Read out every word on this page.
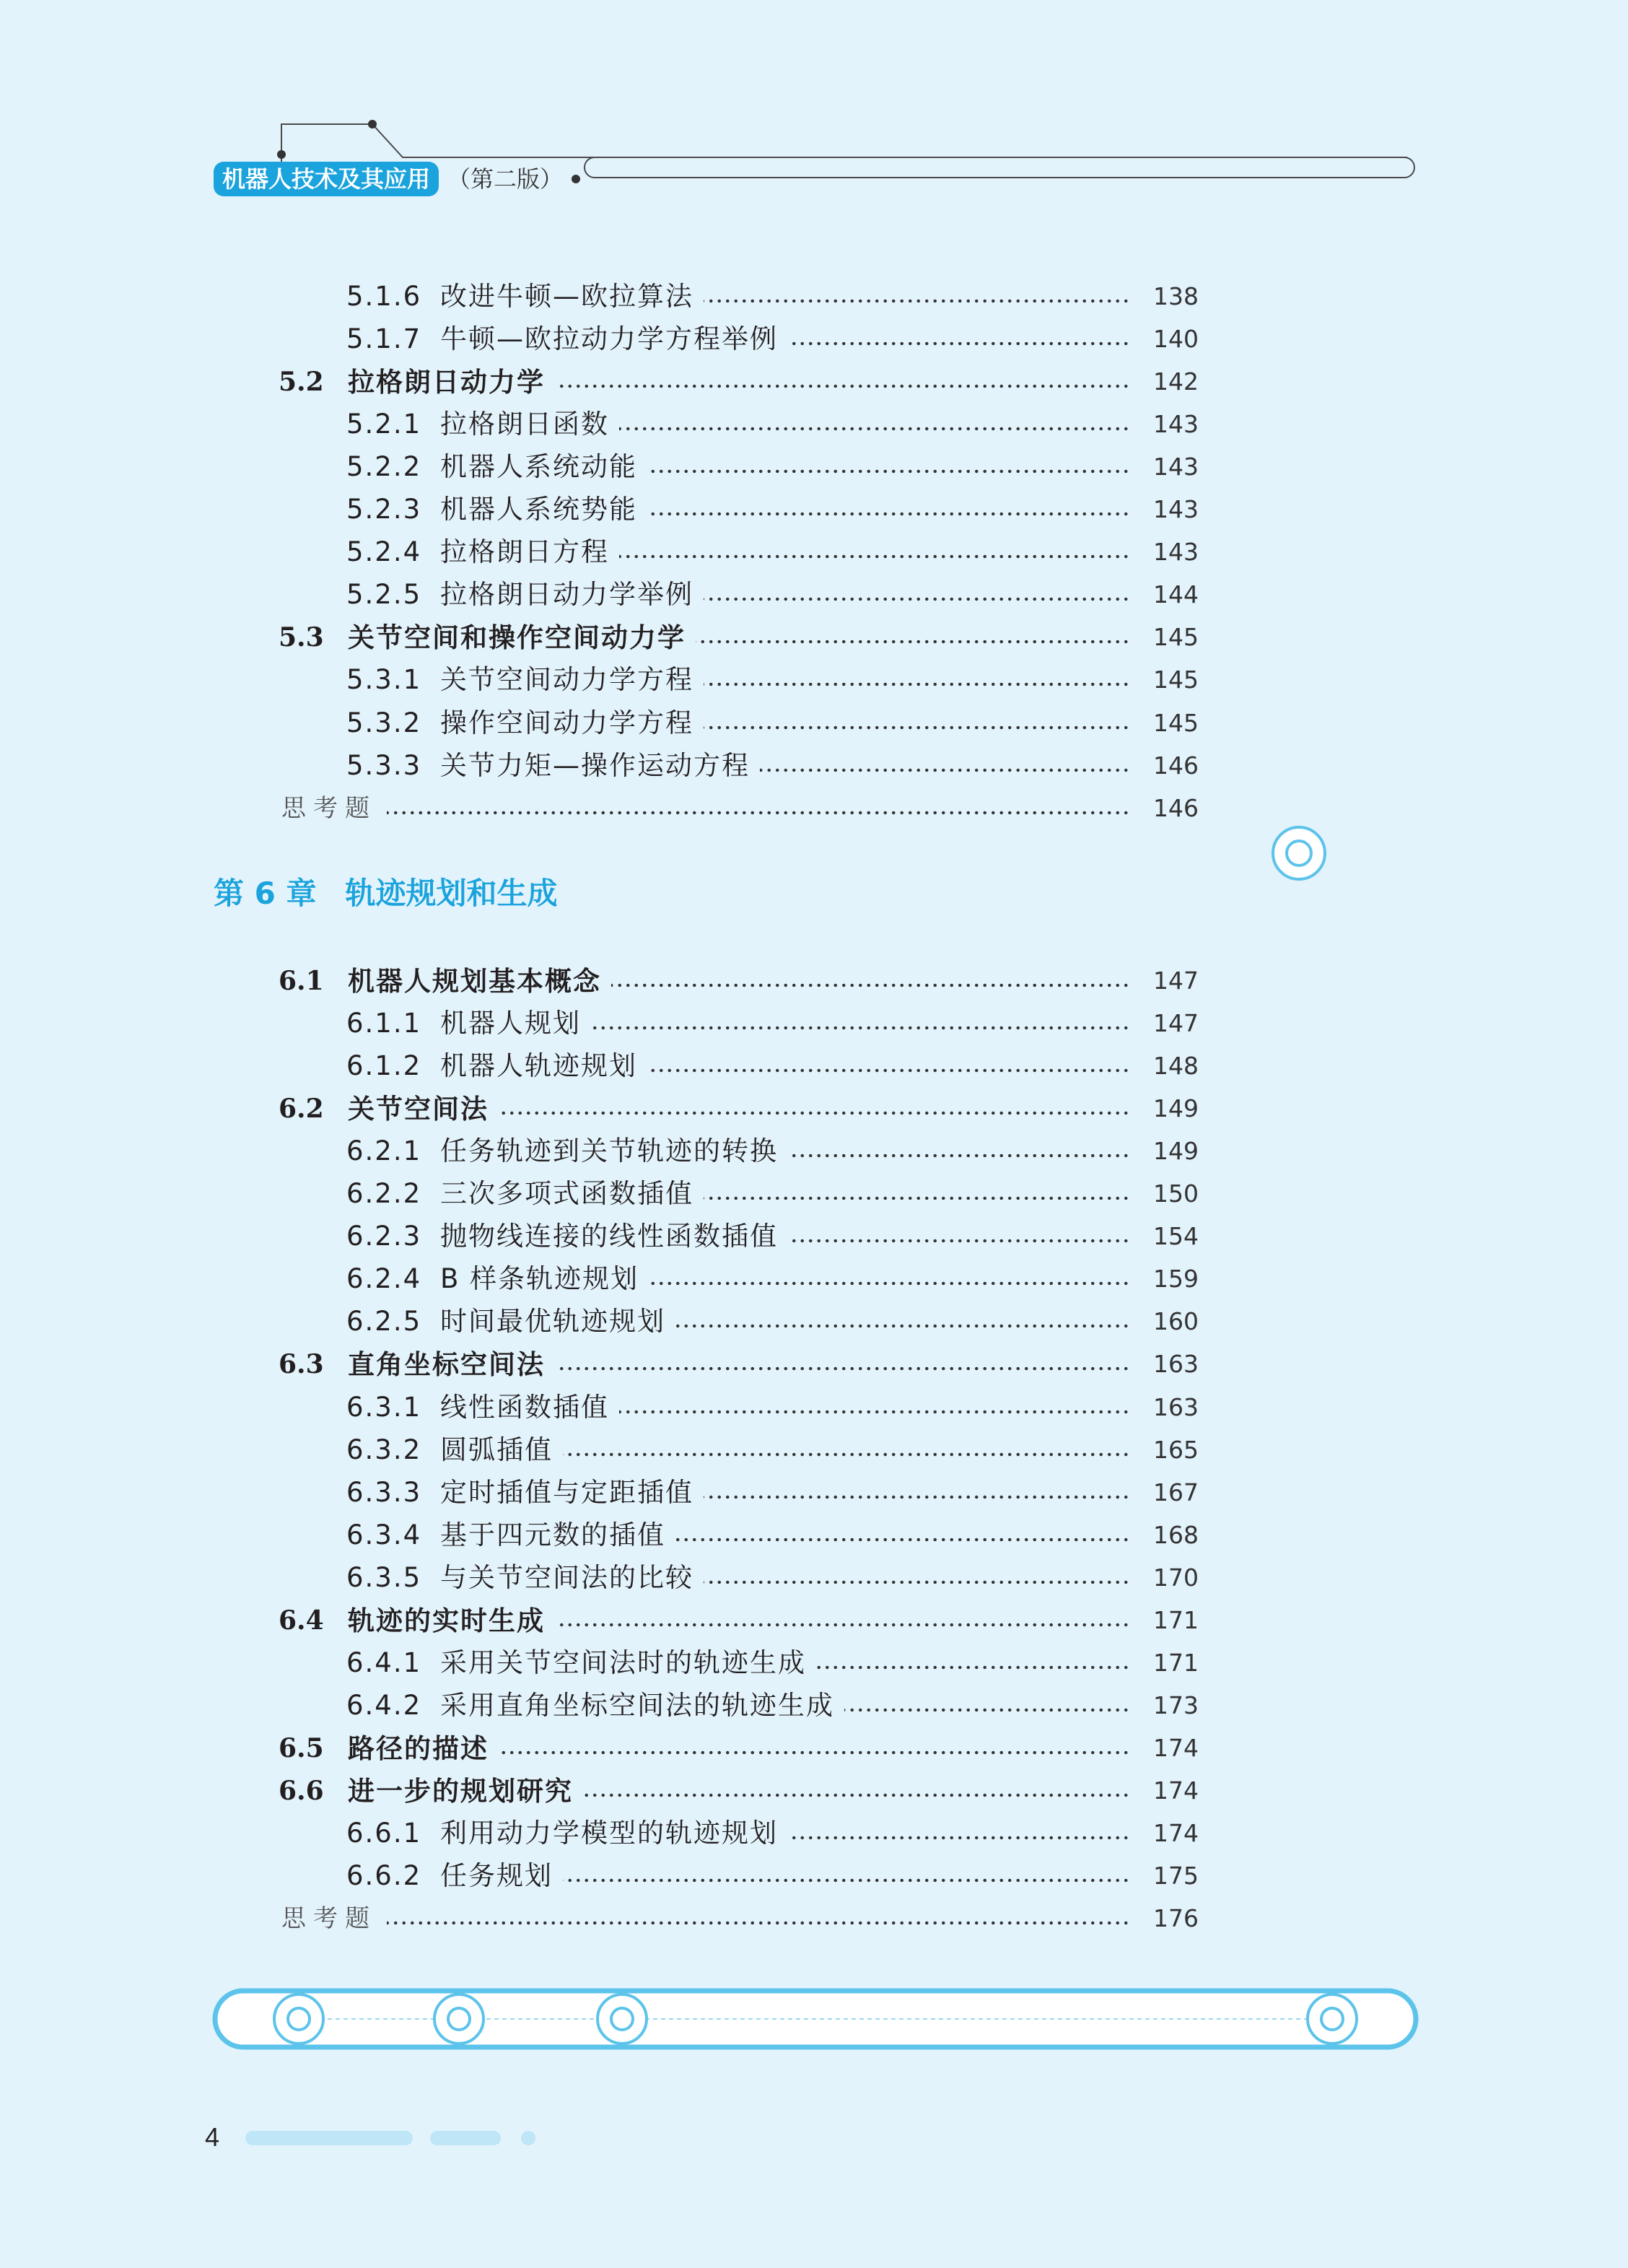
机器人技术及其应用 （第二版）
5.1.6 改进牛顿—欧拉算法	138
5.1.7 牛顿—欧拉动力学方程举例	140
5.2 拉格朗日动力学	142
5.2.1 拉格朗日函数	143
5.2.2 机器人系统动能	143
5.2.3 机器人系统势能	143
5.2.4 拉格朗日方程	143
5.2.5 拉格朗日动力学举例	144
5.3 关节空间和操作空间动力学	145
5.3.1 关节空间动力学方程	145
5.3.2 操作空间动力学方程	145
5.3.3 关节力矩—操作运动方程	146
思考题	146
6.1 机器人规划基本概念	147
6.1.1 机器人规划	147
6.1.2 机器人轨迹规划	148
6.2 关节空间法	149
6.2.1 任务轨迹到关节轨迹的转换	149
6.2.2 三次多项式函数插值	150
6.2.3 抛物线连接的线性函数插值	154
6.2.4 B 样条轨迹规划	159
6.2.5 时间最优轨迹规划	160
6.3 直角坐标空间法	163
6.3.1 线性函数插值	163
6.3.2 圆弧插值	165
6.3.3 定时插值与定距插值	167
6.3.4 基于四元数的插值	168
6.3.5 与关节空间法的比较	170
6.4 轨迹的实时生成	171
6.4.1 采用关节空间法时的轨迹生成	171
6.4.2 采用直角坐标空间法的轨迹生成	173
6.5 路径的描述	174
6.6 进一步的规划研究	174
6.6.1 利用动力学模型的轨迹规划	174
6.6.2 任务规划	175
思考题	176
第 6 章 轨迹规划和生成
4
